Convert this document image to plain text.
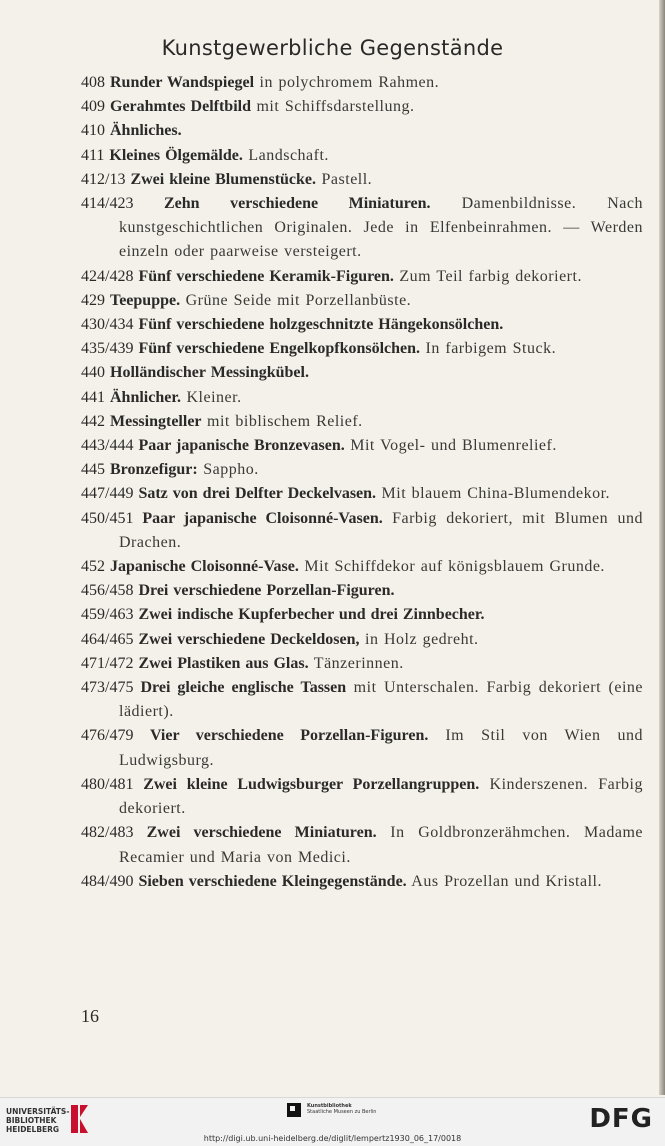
Kunstgewerbliche Gegenstände
408 Runder Wandspiegel in polychromem Rahmen.
409 Gerahmtes Delftbild mit Schiffsdarstellung.
410 Ähnliches.
411 Kleines Ölgemälde. Landschaft.
412/13 Zwei kleine Blumenstücke. Pastell.
414/423 Zehn verschiedene Miniaturen. Damenbildnisse. Nach kunstgeschichtlichen Originalen. Jede in Elfenbeinrahmen. — Werden einzeln oder paarweise versteigert.
424/428 Fünf verschiedene Keramik-Figuren. Zum Teil farbig dekoriert.
429 Teepuppe. Grüne Seide mit Porzellanbüste.
430/434 Fünf verschiedene holzgeschnitzte Hängekonsölchen.
435/439 Fünf verschiedene Engelkopfkonsölchen. In farbigem Stuck.
440 Holländischer Messingkübel.
441 Ähnlicher. Kleiner.
442 Messingteller mit biblischem Relief.
443/444 Paar japanische Bronzevasen. Mit Vogel- und Blumenrelief.
445 Bronzefigur: Sappho.
447/449 Satz von drei Delfter Deckelvasen. Mit blauem China-Blumendekor.
450/451 Paar japanische Cloisonné-Vasen. Farbig dekoriert, mit Blumen und Drachen.
452 Japanische Cloisonné-Vase. Mit Schiffdekor auf königsblauem Grunde.
456/458 Drei verschiedene Porzellan-Figuren.
459/463 Zwei indische Kupferbecher und drei Zinnbecher.
464/465 Zwei verschiedene Deckeldosen, in Holz gedreht.
471/472 Zwei Plastiken aus Glas. Tänzerinnen.
473/475 Drei gleiche englische Tassen mit Unterschalen. Farbig dekoriert (eine lädiert).
476/479 Vier verschiedene Porzellan-Figuren. Im Stil von Wien und Ludwigsburg.
480/481 Zwei kleine Ludwigsburger Porzellangruppen. Kinderszenen. Farbig dekoriert.
482/483 Zwei verschiedene Miniaturen. In Goldbronzerähmchen. Madame Recamier und Maria von Medici.
484/490 Sieben verschiedene Kleingegenstände. Aus Prozellan und Kristall.
16
UNIVERSITÄTS-
BIBLIOTHEK
HEIDELBERG
Kunstbibliothek
Staatliche Museen zu Berlin	DFG
http://digi.ub.uni-heidelberg.de/diglit/lempertz1930_06_17/0018
